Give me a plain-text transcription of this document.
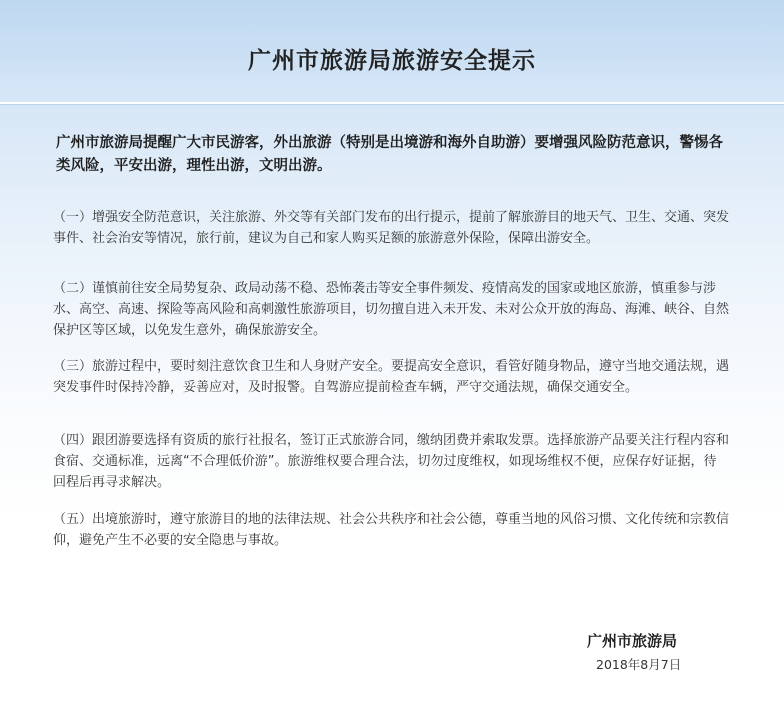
广州市旅游局旅游安全提示

广州市旅游局提醒广大市民游客，外出旅游（特别是出境游和海外自助游）要增强风险防范意识，警惕各类风险，平安出游，理性出游，文明出游。

（一）增强安全防范意识，关注旅游、外交等有关部门发布的出行提示，提前了解旅游目的地天气、卫生、交通、突发事件、社会治安等情况，旅行前，建议为自己和家人购买足额的旅游意外保险，保障出游安全。

（二）谨慎前往安全局势复杂、政局动荡不稳、恐怖袭击等安全事件频发、疫情高发的国家或地区旅游，慎重参与涉水、高空、高速、探险等高风险和高刺激性旅游项目，切勿擅自进入未开发、未对公众开放的海岛、海滩、峡谷、自然保护区等区域，以免发生意外，确保旅游安全。

（三）旅游过程中，要时刻注意饮食卫生和人身财产安全。要提高安全意识，看管好随身物品，遵守当地交通法规，遇突发事件时保持冷静，妥善应对，及时报警。自驾游应提前检查车辆，严守交通法规，确保交通安全。

（四）跟团游要选择有资质的旅行社报名，签订正式旅游合同，缴纳团费并索取发票。选择旅游产品要关注行程内容和食宿、交通标准，远离“不合理低价游”。旅游维权要合理合法，切勿过度维权，如现场维权不便，应保存好证据，待回程后再寻求解决。

（五）出境旅游时，遵守旅游目的地的法律法规、社会公共秩序和社会公德，尊重当地的风俗习惯、文化传统和宗教信仰，避免产生不必要的安全隐患与事故。

广州市旅游局

2018年8月7日
